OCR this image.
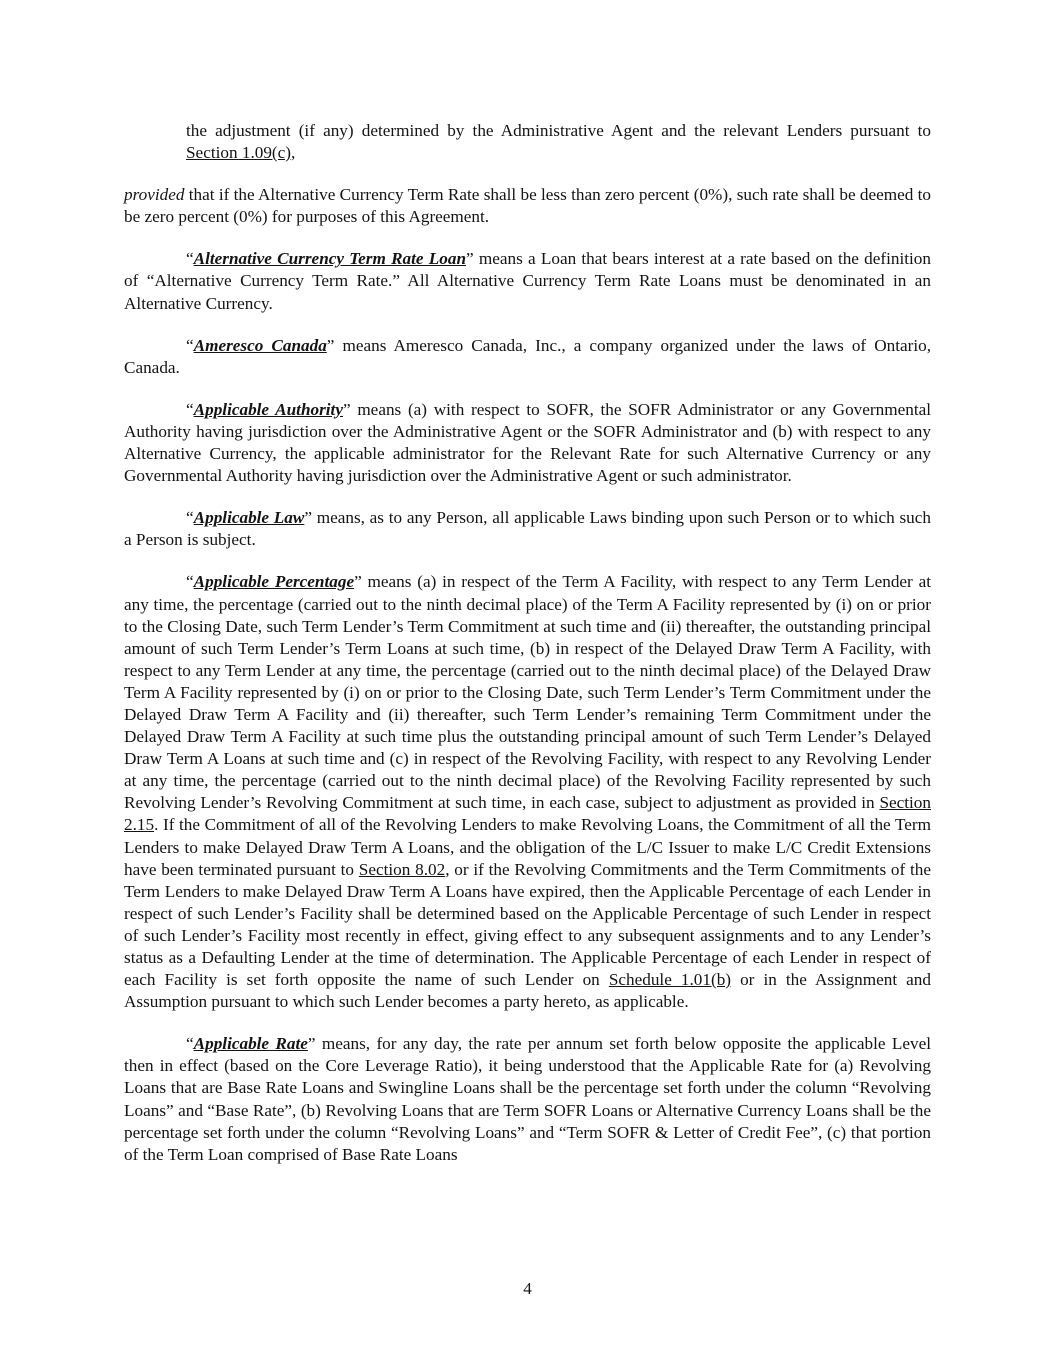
the adjustment (if any) determined by the Administrative Agent and the relevant Lenders pursuant to Section 1.09(c),

provided that if the Alternative Currency Term Rate shall be less than zero percent (0%), such rate shall be deemed to be zero percent (0%) for purposes of this Agreement.

“Alternative Currency Term Rate Loan” means a Loan that bears interest at a rate based on the definition of “Alternative Currency Term Rate.” All Alternative Currency Term Rate Loans must be denominated in an Alternative Currency.

“Ameresco Canada” means Ameresco Canada, Inc., a company organized under the laws of Ontario, Canada.

“Applicable Authority” means (a) with respect to SOFR, the SOFR Administrator or any Governmental Authority having jurisdiction over the Administrative Agent or the SOFR Administrator and (b) with respect to any Alternative Currency, the applicable administrator for the Relevant Rate for such Alternative Currency or any Governmental Authority having jurisdiction over the Administrative Agent or such administrator.

“Applicable Law” means, as to any Person, all applicable Laws binding upon such Person or to which such a Person is subject.

“Applicable Percentage” means (a) in respect of the Term A Facility, with respect to any Term Lender at any time, the percentage (carried out to the ninth decimal place) of the Term A Facility represented by (i) on or prior to the Closing Date, such Term Lender’s Term Commitment at such time and (ii) thereafter, the outstanding principal amount of such Term Lender’s Term Loans at such time, (b) in respect of the Delayed Draw Term A Facility, with respect to any Term Lender at any time, the percentage (carried out to the ninth decimal place) of the Delayed Draw Term A Facility represented by (i) on or prior to the Closing Date, such Term Lender’s Term Commitment under the Delayed Draw Term A Facility and (ii) thereafter, such Term Lender’s remaining Term Commitment under the Delayed Draw Term A Facility at such time plus the outstanding principal amount of such Term Lender’s Delayed Draw Term A Loans at such time and (c) in respect of the Revolving Facility, with respect to any Revolving Lender at any time, the percentage (carried out to the ninth decimal place) of the Revolving Facility represented by such Revolving Lender’s Revolving Commitment at such time, in each case, subject to adjustment as provided in Section 2.15. If the Commitment of all of the Revolving Lenders to make Revolving Loans, the Commitment of all the Term Lenders to make Delayed Draw Term A Loans, and the obligation of the L/C Issuer to make L/C Credit Extensions have been terminated pursuant to Section 8.02, or if the Revolving Commitments and the Term Commitments of the Term Lenders to make Delayed Draw Term A Loans have expired, then the Applicable Percentage of each Lender in respect of such Lender’s Facility shall be determined based on the Applicable Percentage of such Lender in respect of such Lender’s Facility most recently in effect, giving effect to any subsequent assignments and to any Lender’s status as a Defaulting Lender at the time of determination. The Applicable Percentage of each Lender in respect of each Facility is set forth opposite the name of such Lender on Schedule 1.01(b) or in the Assignment and Assumption pursuant to which such Lender becomes a party hereto, as applicable.

“Applicable Rate” means, for any day, the rate per annum set forth below opposite the applicable Level then in effect (based on the Core Leverage Ratio), it being understood that the Applicable Rate for (a) Revolving Loans that are Base Rate Loans and Swingline Loans shall be the percentage set forth under the column “Revolving Loans” and “Base Rate”, (b) Revolving Loans that are Term SOFR Loans or Alternative Currency Loans shall be the percentage set forth under the column “Revolving Loans” and “Term SOFR & Letter of Credit Fee”, (c) that portion of the Term Loan comprised of Base Rate Loans

4
